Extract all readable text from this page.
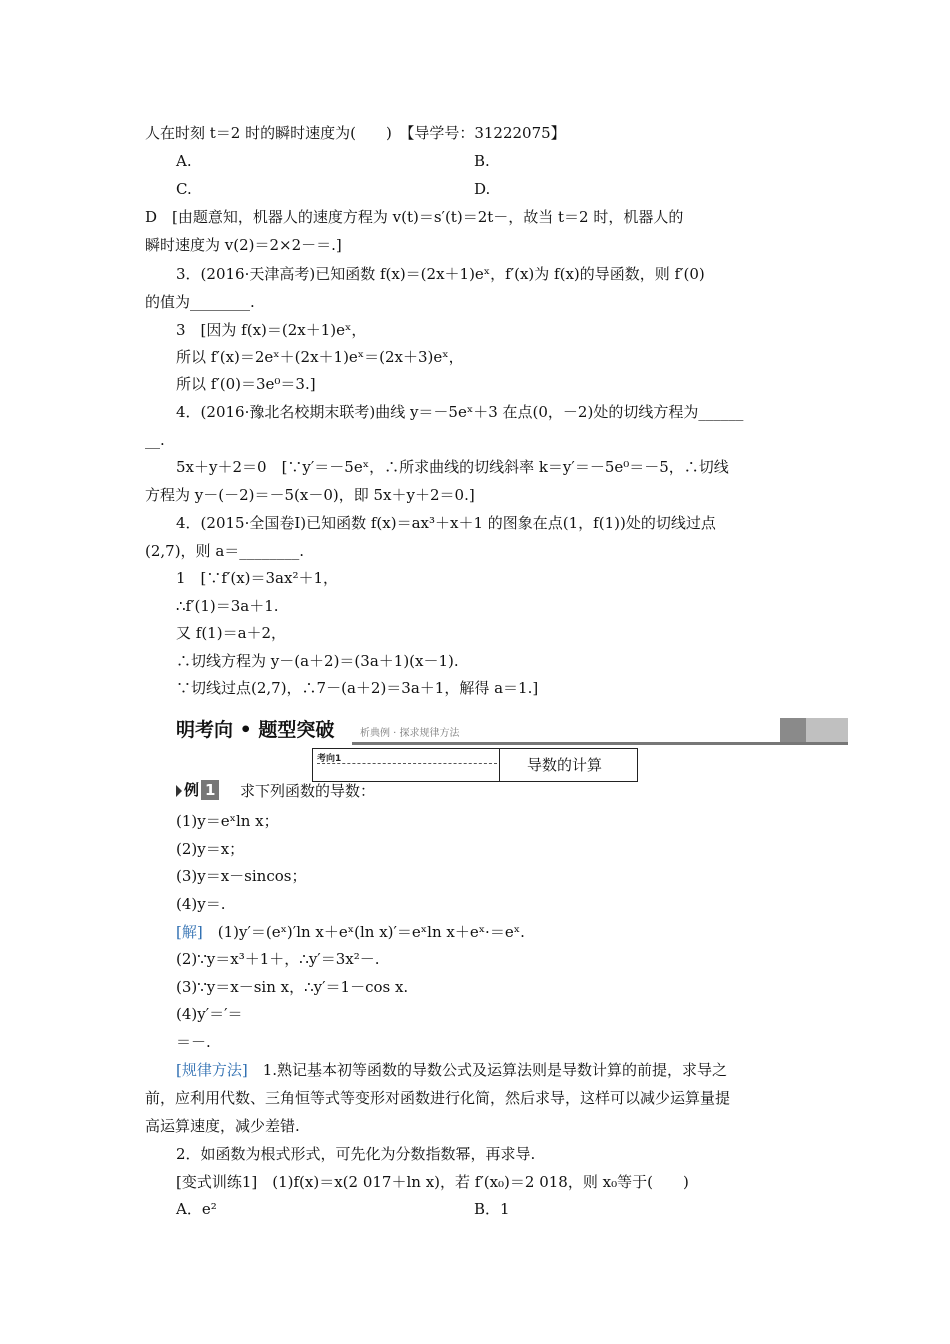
人在时刻 t＝2 时的瞬时速度为(　　)　【导学号：31222075】
D　[由题意知，机器人的速度方程为 v(t)＝s′(t)＝2t－，故当 t＝2 时，机器人的
瞬时速度为 v(2)＝2×2－＝.]
3．(2016·天津高考)已知函数 f(x)＝(2x＋1)eˣ，f′(x)为 f(x)的导函数，则 f′(0)
的值为________.
3　[因为 f(x)＝(2x＋1)eˣ，
所以 f′(x)＝2eˣ＋(2x＋1)eˣ＝(2x＋3)eˣ，
所以 f′(0)＝3e⁰＝3.]
4．(2016·豫北名校期末联考)曲线 y＝－5eˣ＋3 在点(0，－2)处的切线方程为______
__.
5x＋y＋2＝0　[∵y′＝－5eˣ，∴所求曲线的切线斜率 k＝y′＝－5e⁰＝－5，∴切线
方程为 y－(－2)＝－5(x－0)，即 5x＋y＋2＝0.]
4．(2015·全国卷Ⅰ)已知函数 f(x)＝ax³＋x＋1 的图象在点(1，f(1))处的切线过点
(2,7)，则 a＝________.
1　[∵f′(x)＝3ax²＋1，
∴f′(1)＝3a＋1.
又 f(1)＝a＋2，
∴切线方程为 y－(a＋2)＝(3a＋1)(x－1).
∵切线过点(2,7)，∴7－(a＋2)＝3a＋1，解得 a＝1.]
求下列函数的导数：
(1)y＝eˣln x；
(2)y＝x；
(3)y＝x－sincos；
(4)y＝.
(2)∵y＝x³＋1＋，∴y′＝3x²－.
(3)∵y＝x－sin x，∴y′＝1－cos x.
(4)y′＝′＝
＝－.
前，应利用代数、三角恒等式等变形对函数进行化简，然后求导，这样可以减少运算量提
高运算速度，减少差错.
2．如函数为根式形式，可先化为分数指数幂，再求导.
[变式训练1]　(1)f(x)＝x(2 017＋ln x)，若 f′(x₀)＝2 018，则 x₀等于(　　)
A.	B.
C.	D.
A．e²	B．1
[解]　(1)y′＝(eˣ)′ln x＋eˣ(ln x)′＝eˣln x＋eˣ·＝eˣ.
[规律方法]　1.熟记基本初等函数的导数公式及运算法则是导数计算的前提，求导之
明考向 • 题型突破	析典例 · 探求规律方法
考向1	导数的计算
例 1
